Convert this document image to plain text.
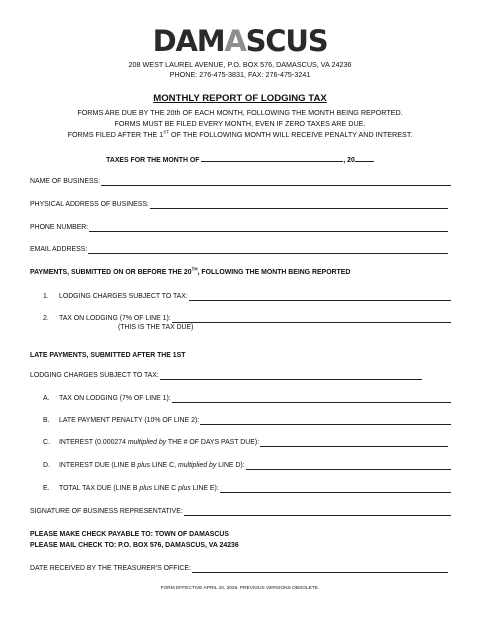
DAMASCUS
208 WEST LAUREL AVENUE, P.O. BOX 576, DAMASCUS, VA 24236
PHONE: 276-475-3831, FAX: 276-475-3241
MONTHLY REPORT OF LODGING TAX
FORMS ARE DUE BY THE 20th OF EACH MONTH, FOLLOWING THE MONTH BEING REPORTED.
FORMS MUST BE FILED EVERY MONTH, EVEN IF ZERO TAXES ARE DUE.
FORMS FILED AFTER THE 1ST OF THE FOLLOWING MONTH WILL RECEIVE PENALTY AND INTEREST.
TAXES FOR THE MONTH OF	, 20
NAME OF BUSINESS:
PHYSICAL ADDRESS OF BUSINESS:
PHONE NUMBER:
EMAIL ADDRESS:
PAYMENTS, SUBMITTED ON OR BEFORE THE 20TH, FOLLOWING THE MONTH BEING REPORTED
1. LODGING CHARGES SUBJECT TO TAX:
2. TAX ON LODGING (7% OF LINE 1):
(THIS IS THE TAX DUE)
LATE PAYMENTS, SUBMITTED AFTER THE 1ST
LODGING CHARGES SUBJECT TO TAX:
A. TAX ON LODGING (7% OF LINE 1):
B. LATE PAYMENT PENALTY (10% OF LINE 2):
C. INTEREST (0.000274 multiplied by THE # OF DAYS PAST DUE):
D. INTEREST DUE (LINE B plus LINE C, multiplied by LINE D):
E. TOTAL TAX DUE (LINE B plus LINE C plus LINE E):
SIGNATURE OF BUSINESS REPRESENTATIVE:
PLEASE MAKE CHECK PAYABLE TO: TOWN OF DAMASCUS
PLEASE MAIL CHECK TO: P.O. BOX 576, DAMASCUS, VA 24236
DATE RECEIVED BY THE TREASURER'S OFFICE:
FORM EFFECTIVE APRIL 10, 2026. PREVIOUS VERSIONS OBSOLETE.
